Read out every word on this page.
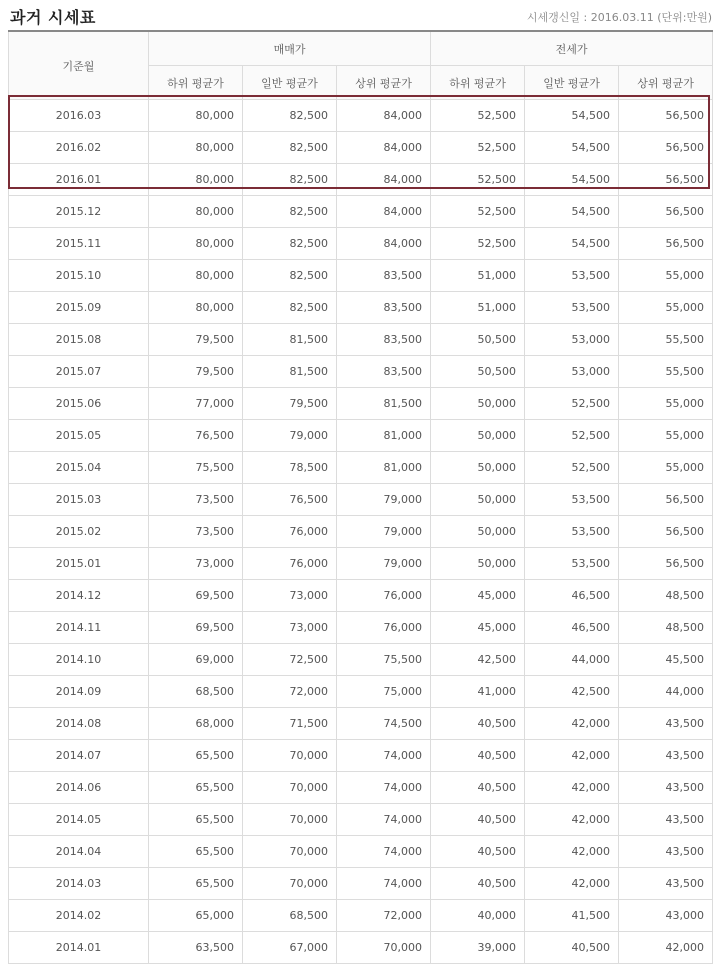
과거 시세표	시세갱신일 : 2016.03.11 (단위:만원)
기준월	매매가			전세가		
	하위 평균가	일반 평균가	상위 평균가	하위 평균가	일반 평균가	상위 평균가
2016.03	80,000	82,500	84,000	52,500	54,500	56,500
2016.02	80,000	82,500	84,000	52,500	54,500	56,500
2016.01	80,000	82,500	84,000	52,500	54,500	56,500
2015.12	80,000	82,500	84,000	52,500	54,500	56,500
2015.11	80,000	82,500	84,000	52,500	54,500	56,500
2015.10	80,000	82,500	83,500	51,000	53,500	55,000
2015.09	80,000	82,500	83,500	51,000	53,500	55,000
2015.08	79,500	81,500	83,500	50,500	53,000	55,500
2015.07	79,500	81,500	83,500	50,500	53,000	55,500
2015.06	77,000	79,500	81,500	50,000	52,500	55,000
2015.05	76,500	79,000	81,000	50,000	52,500	55,000
2015.04	75,500	78,500	81,000	50,000	52,500	55,000
2015.03	73,500	76,500	79,000	50,000	53,500	56,500
2015.02	73,500	76,000	79,000	50,000	53,500	56,500
2015.01	73,000	76,000	79,000	50,000	53,500	56,500
2014.12	69,500	73,000	76,000	45,000	46,500	48,500
2014.11	69,500	73,000	76,000	45,000	46,500	48,500
2014.10	69,000	72,500	75,500	42,500	44,000	45,500
2014.09	68,500	72,000	75,000	41,000	42,500	44,000
2014.08	68,000	71,500	74,500	40,500	42,000	43,500
2014.07	65,500	70,000	74,000	40,500	42,000	43,500
2014.06	65,500	70,000	74,000	40,500	42,000	43,500
2014.05	65,500	70,000	74,000	40,500	42,000	43,500
2014.04	65,500	70,000	74,000	40,500	42,000	43,500
2014.03	65,500	70,000	74,000	40,500	42,000	43,500
2014.02	65,000	68,500	72,000	40,000	41,500	43,000
2014.01	63,500	67,000	70,000	39,000	40,500	42,000
